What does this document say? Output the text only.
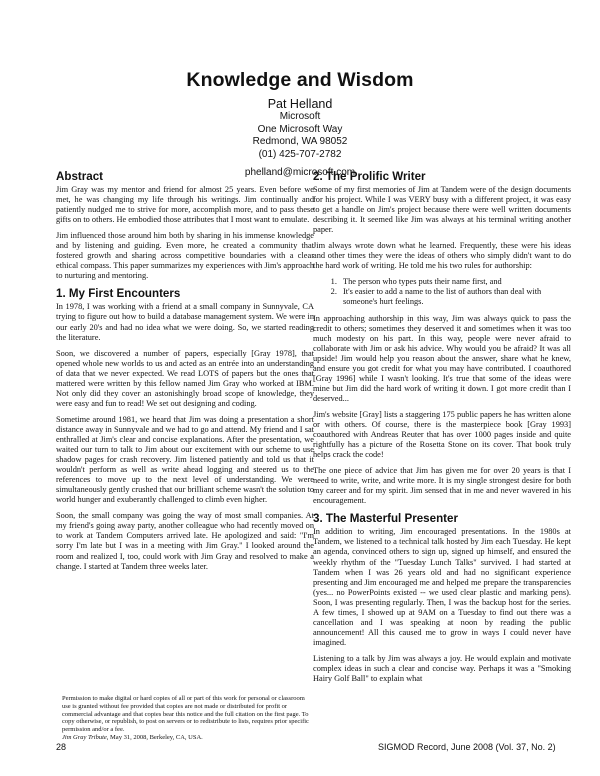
Knowledge and Wisdom
Pat Helland
Microsoft
One Microsoft Way
Redmond, WA 98052
(01) 425-707-2782
phelland@microsoft.com
Abstract

Jim Gray was my mentor and friend for almost 25 years. Even before we met, he was changing my life through his writings. Jim continually and patiently nudged me to strive for more, accomplish more, and to pass these gifts on to others. He embodied those attributes that I most want to emulate.

Jim influenced those around him both by sharing in his immense knowledge and by listening and guiding. Even more, he created a community that fostered growth and sharing across competitive boundaries with a clear ethical compass. This paper summarizes my experiences with Jim's approach to nurturing and mentoring.

1. My First Encounters

In 1978, I was working with a friend at a small company in Sunnyvale, CA trying to figure out how to build a database management system. We were in our early 20's and had no idea what we were doing. So, we started reading the literature.

Soon, we discovered a number of papers, especially [Gray 1978], that opened whole new worlds to us and acted as an entrée into an understanding of data that we never expected. We read LOTS of papers but the ones that mattered were written by this fellow named Jim Gray who worked at IBM. Not only did they cover an astonishingly broad scope of knowledge, they were easy and fun to read! We set out designing and coding.

Sometime around 1981, we heard that Jim was doing a presentation a short distance away in Sunnyvale and we had to go and attend. My friend and I sat enthralled at Jim's clear and concise explanations. After the presentation, we waited our turn to talk to Jim about our excitement with our scheme to use shadow pages for crash recovery. Jim listened patiently and told us that it wouldn't perform as well as write ahead logging and steered us to the references to move up to the next level of understanding. We were simultaneously gently crushed that our brilliant scheme wasn't the solution to world hunger and exuberantly challenged to climb even higher.

Soon, the small company was going the way of most small companies. At my friend's going away party, another colleague who had recently moved on to work at Tandem Computers arrived late. He apologized and said: "I'm sorry I'm late but I was in a meeting with Jim Gray." I looked around the room and realized I, too, could work with Jim Gray and resolved to make a change. I started at Tandem three weeks later.

Permission to make digital or hard copies of all or part of this work for personal or classroom use is granted without fee provided that copies are not made or distributed for profit or commercial advantage and that copies bear this notice and the full citation on the first page. To copy otherwise, or republish, to post on servers or to redistribute to lists, requires prior specific permission and/or a fee.

Jim Gray Tribute, May 31, 2008, Berkeley, CA, USA.

2. The Prolific Writer

Some of my first memories of Jim at Tandem were of the design documents for his project. While I was VERY busy with a different project, it was easy to get a handle on Jim's project because there were well written documents describing it. It seemed like Jim was always at his terminal writing another paper.

Jim always wrote down what he learned. Frequently, these were his ideas and other times they were the ideas of others who simply didn't want to do the hard work of writing. He told me his two rules for authorship:

1. The person who types puts their name first, and
2. It's easier to add a name to the list of authors than deal with someone's hurt feelings.

In approaching authorship in this way, Jim was always quick to pass the credit to others; sometimes they deserved it and sometimes when it was too much modesty on his part. In this way, people were never afraid to collaborate with Jim or ask his advice. Why would you be afraid? It was all upside! Jim would help you reason about the answer, share what he knew, and ensure you got credit for what you may have contributed. I coauthored [Gray 1996] while I wasn't looking. It's true that some of the ideas were mine but Jim did the hard work of writing it down. I got more credit than I deserved...

Jim's website [Gray] lists a staggering 175 public papers he has written alone or with others. Of course, there is the masterpiece book [Gray 1993] coauthored with Andreas Reuter that has over 1000 pages inside and quite rightfully has a picture of the Rosetta Stone on its cover. That book truly helps crack the code!

The one piece of advice that Jim has given me for over 20 years is that I need to write, write, and write more. It is my single strongest desire for both my career and for my spirit. Jim sensed that in me and never wavered in his encouragement.

3. The Masterful Presenter

In addition to writing, Jim encouraged presentations. In the 1980s at Tandem, we listened to a technical talk hosted by Jim each Tuesday. He kept an agenda, convinced others to sign up, signed up himself, and ensured the weekly rhythm of the "Tuesday Lunch Talks" survived. I had started at Tandem when I was 26 years old and had no significant experience presenting and Jim encouraged me and helped me prepare the transparencies (yes... no PowerPoints existed -- we used clear plastic and marking pens). Soon, I was presenting regularly. Then, I was the backup host for the series. A few times, I showed up at 9AM on a Tuesday to find out there was a cancellation and I was speaking at noon by reading the public announcement! All this caused me to grow in ways I could never have imagined.

Listening to a talk by Jim was always a joy. He would explain and motivate complex ideas in such a clear and concise way. Perhaps it was a "Smoking Hairy Golf Ball" to explain what

28	SIGMOD Record, June 2008 (Vol. 37, No. 2)
